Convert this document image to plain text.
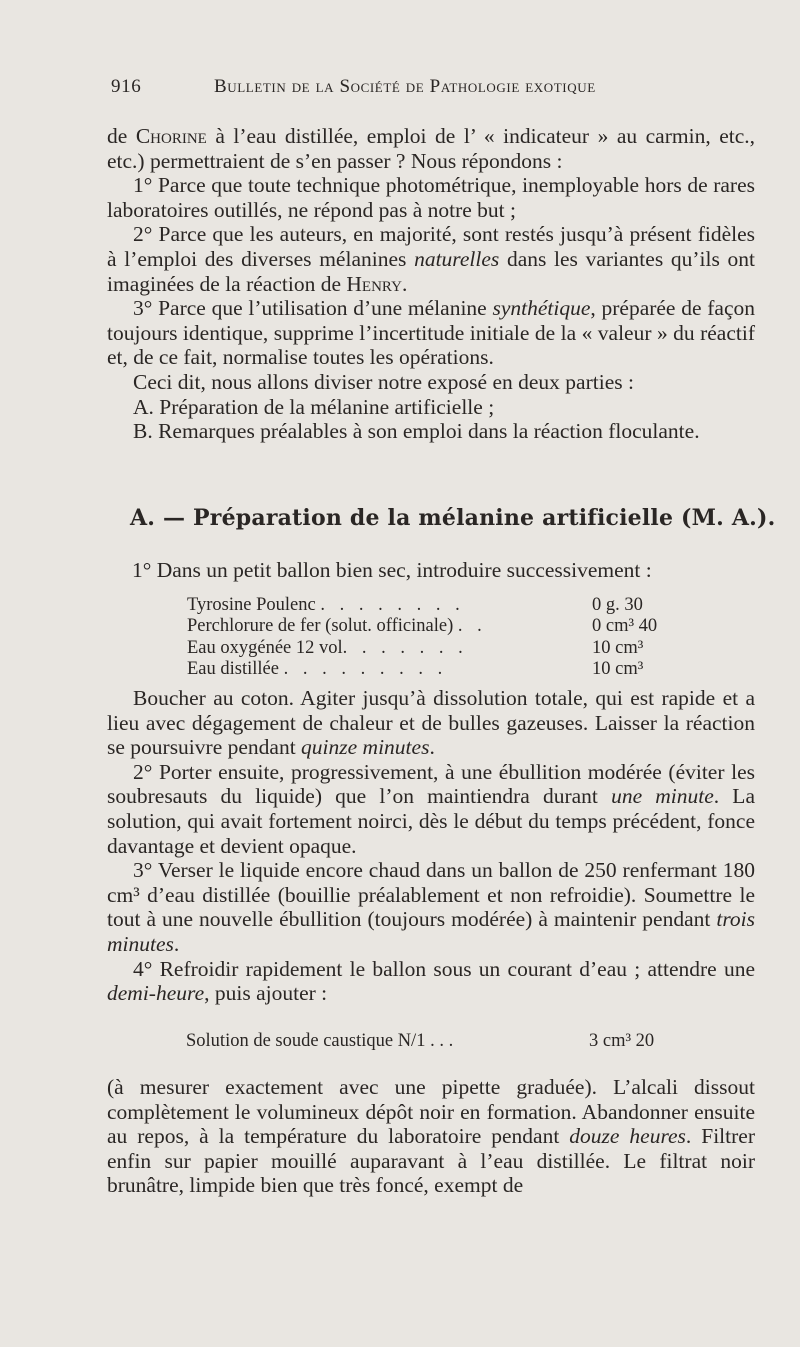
916	Bulletin de la Société de Pathologie exotique

de Chorine à l’eau distillée, emploi de l’ « indicateur » au carmin, etc., etc.) permettraient de s’en passer ? Nous répondons :

1° Parce que toute technique photométrique, inemployable hors de rares laboratoires outillés, ne répond pas à notre but ;

2° Parce que les auteurs, en majorité, sont restés jusqu’à présent fidèles à l’emploi des diverses mélanines naturelles dans les variantes qu’ils ont imaginées de la réaction de Henry.

3° Parce que l’utilisation d’une mélanine synthétique, préparée de façon toujours identique, supprime l’incertitude initiale de la « valeur » du réactif et, de ce fait, normalise toutes les opérations.

Ceci dit, nous allons diviser notre exposé en deux parties :

A. Préparation de la mélanine artificielle ;

B. Remarques préalables à son emploi dans la réaction floculante.

A. — Préparation de la mélanine artificielle (M. A.).
1° Dans un petit ballon bien sec, introduire successivement :
Tyrosine Poulenc . . . . . . . .	0 g. 30
Perchlorure de fer (solut. officinale) . .	0 cm³ 40
Eau oxygénée 12 vol. . . . . . .	10 cm³
Eau distillée . . . . . . . . .	10 cm³

Boucher au coton. Agiter jusqu’à dissolution totale, qui est rapide et a lieu avec dégagement de chaleur et de bulles gazeuses. Laisser la réaction se poursuivre pendant quinze minutes.

2° Porter ensuite, progressivement, à une ébullition modérée (éviter les soubresauts du liquide) que l’on maintiendra durant une minute. La solution, qui avait fortement noirci, dès le début du temps précédent, fonce davantage et devient opaque.

3° Verser le liquide encore chaud dans un ballon de 250 renfermant 180 cm³ d’eau distillée (bouillie préalablement et non refroidie). Soumettre le tout à une nouvelle ébullition (toujours modérée) à maintenir pendant trois minutes.

4° Refroidir rapidement le ballon sous un courant d’eau ; attendre une demi-heure, puis ajouter :

Solution de soude caustique N/1 . . .	3 cm³ 20

(à mesurer exactement avec une pipette graduée). L’alcali dissout complètement le volumineux dépôt noir en formation. Abandonner ensuite au repos, à la température du laboratoire pendant douze heures. Filtrer enfin sur papier mouillé auparavant à l’eau distillée. Le filtrat noir brunâtre, limpide bien que très foncé, exempt de
